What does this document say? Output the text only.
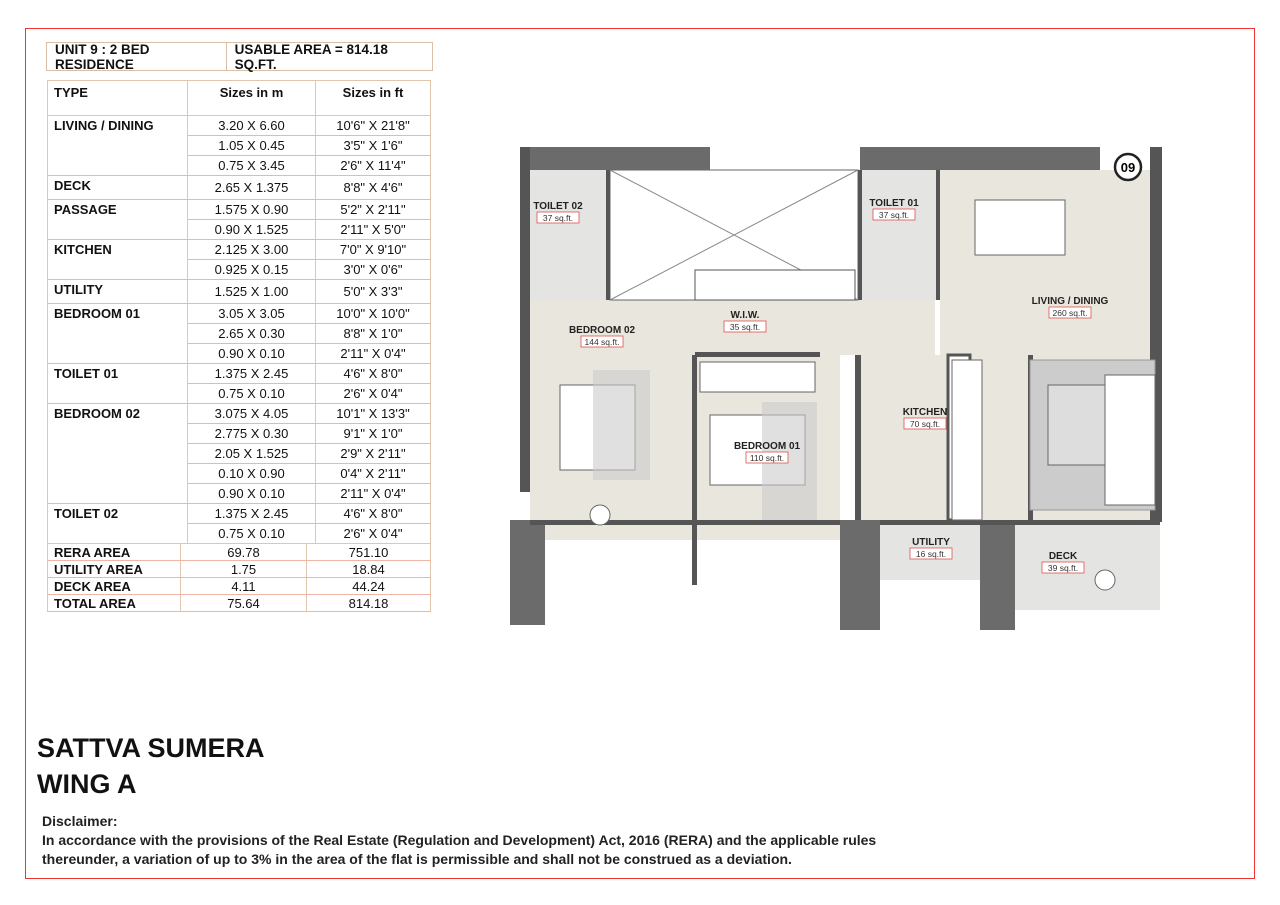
UNIT 9 : 2 BED RESIDENCE
USABLE AREA = 814.18 SQ.FT.
TYPE	Sizes in m	Sizes in ft
LIVING / DINING	3.20 X 6.60	10'6" X 21'8"
	1.05 X 0.45	3'5" X 1'6"
	0.75 X 3.45	2'6" X 11'4"
DECK	2.65 X 1.375	8'8" X 4'6"
PASSAGE	1.575 X 0.90	5'2" X 2'11"
	0.90 X 1.525	2'11" X 5'0"
KITCHEN	2.125 X 3.00	7'0" X 9'10"
	0.925 X 0.15	3'0" X 0'6"
UTILITY	1.525 X 1.00	5'0" X 3'3"
BEDROOM 01	3.05 X 3.05	10'0" X 10'0"
	2.65 X 0.30	8'8" X 1'0"
	0.90 X 0.10	2'11" X 0'4"
TOILET 01	1.375 X 2.45	4'6" X 8'0"
	0.75 X 0.10	2'6" X 0'4"
BEDROOM 02	3.075 X 4.05	10'1" X 13'3"
	2.775 X 0.30	9'1" X 1'0"
	2.05 X 1.525	2'9" X 2'11"
	0.10 X 0.90	0'4" X 2'11"
	0.90 X 0.10	2'11" X 0'4"
TOILET 02	1.375 X 2.45	4'6" X 8'0"
	0.75 X 0.10	2'6" X 0'4"
RERA AREA	69.78	751.10
UTILITY AREA	1.75	18.84
DECK AREA	4.11	44.24
TOTAL AREA	75.64	814.18
09
TOILET 02
37 sq.ft.
TOILET 01
37 sq.ft.
LIVING / DINING
260 sq.ft.
BEDROOM 02
144 sq.ft.
W.I.W.
35 sq.ft.
BEDROOM 01
110 sq.ft.
KITCHEN
70 sq.ft.
UTILITY
16 sq.ft.	DECK
39 sq.ft.
SATTVA SUMERA
WING A
Disclaimer:
In accordance with the provisions of the Real Estate (Regulation and Development) Act, 2016 (RERA) and the applicable rules
thereunder, a variation of up to 3% in the area of the flat is permissible and shall not be construed as a deviation.
